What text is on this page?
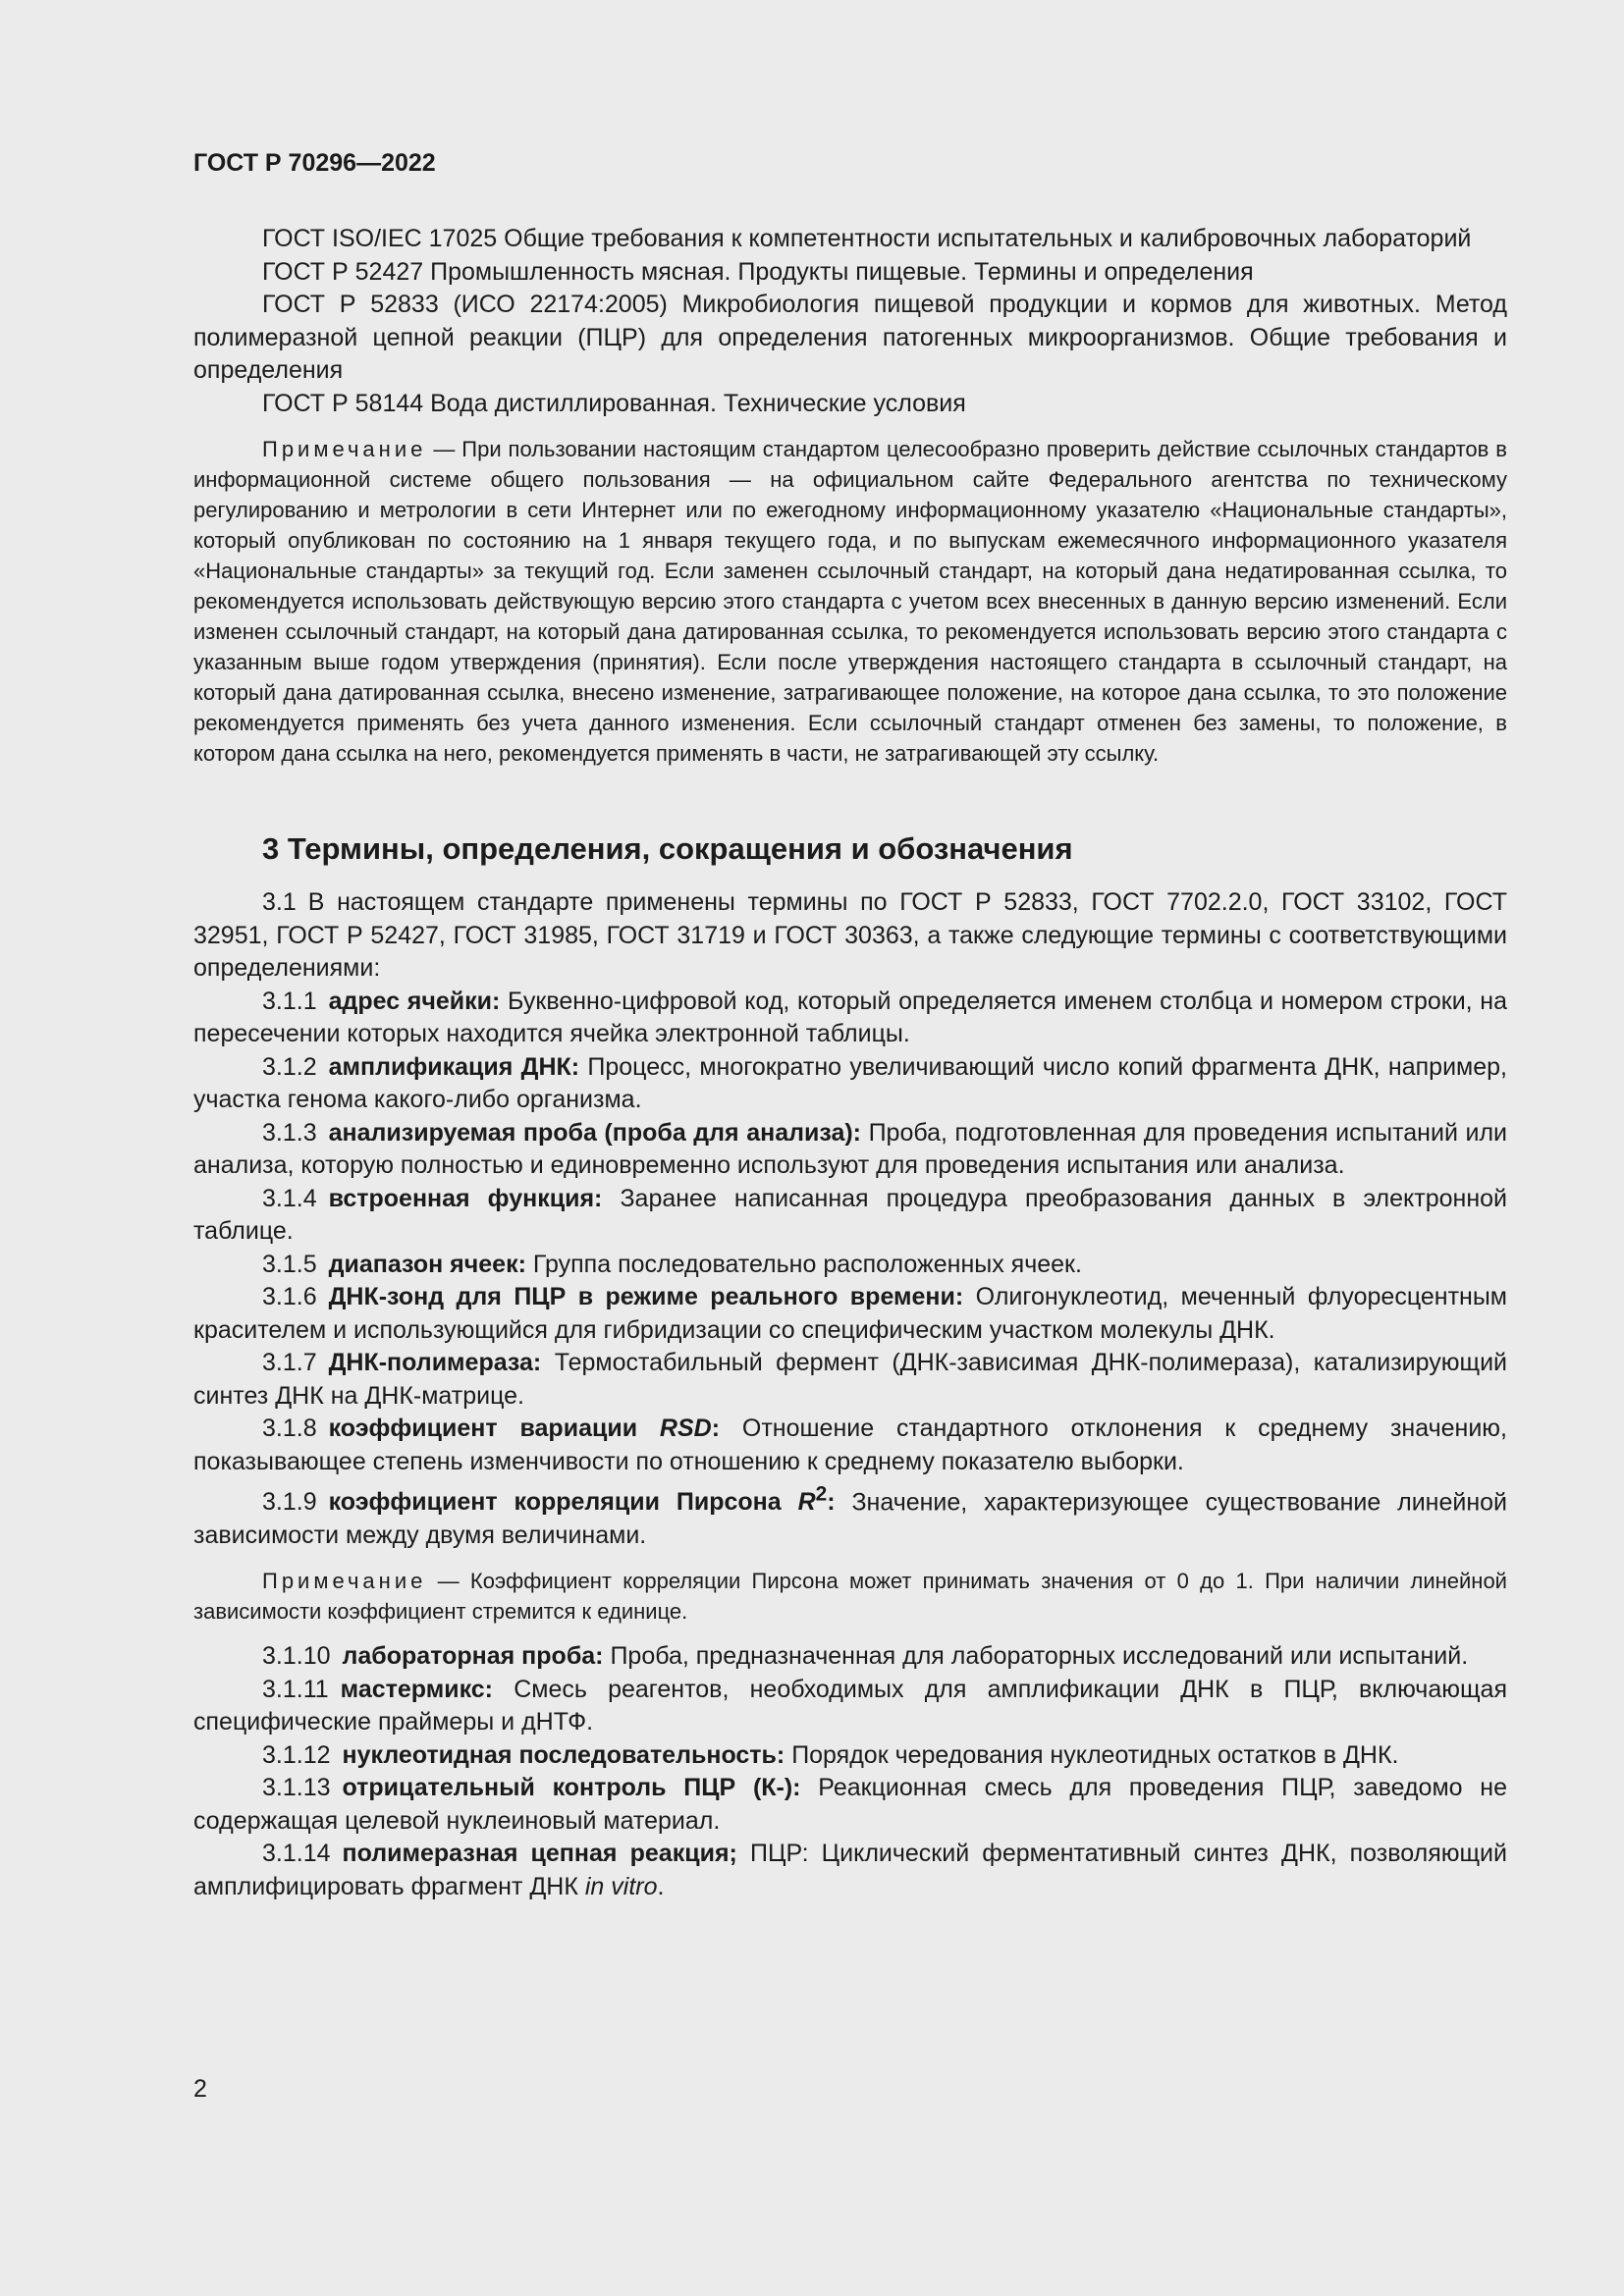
ГОСТ Р 70296—2022

ГОСТ ISO/IEC 17025 Общие требования к компетентности испытательных и калибровочных лабораторий

ГОСТ Р 52427 Промышленность мясная. Продукты пищевые. Термины и определения

ГОСТ Р 52833 (ИСО 22174:2005) Микробиология пищевой продукции и кормов для животных. Метод полимеразной цепной реакции (ПЦР) для определения патогенных микроорганизмов. Общие требования и определения

ГОСТ Р 58144 Вода дистиллированная. Технические условия

Примечание — При пользовании настоящим стандартом целесообразно проверить действие ссылочных стандартов в информационной системе общего пользования — на официальном сайте Федерального агентства по техническому регулированию и метрологии в сети Интернет или по ежегодному информационному указателю «Национальные стандарты», который опубликован по состоянию на 1 января текущего года, и по выпускам ежемесячного информационного указателя «Национальные стандарты» за текущий год. Если заменен ссылочный стандарт, на который дана недатированная ссылка, то рекомендуется использовать действующую версию этого стандарта с учетом всех внесенных в данную версию изменений. Если изменен ссылочный стандарт, на который дана датированная ссылка, то рекомендуется использовать версию этого стандарта с указанным выше годом утверждения (принятия). Если после утверждения настоящего стандарта в ссылочный стандарт, на который дана датированная ссылка, внесено изменение, затрагивающее положение, на которое дана ссылка, то это положение рекомендуется применять без учета данного изменения. Если ссылочный стандарт отменен без замены, то положение, в котором дана ссылка на него, рекомендуется применять в части, не затрагивающей эту ссылку.

3 Термины, определения, сокращения и обозначения

3.1 В настоящем стандарте применены термины по ГОСТ Р 52833, ГОСТ 7702.2.0, ГОСТ 33102, ГОСТ 32951, ГОСТ Р 52427, ГОСТ 31985, ГОСТ 31719 и ГОСТ 30363, а также следующие термины с соответствующими определениями:

3.1.1 адрес ячейки: Буквенно-цифровой код, который определяется именем столбца и номером строки, на пересечении которых находится ячейка электронной таблицы.

3.1.2 амплификация ДНК: Процесс, многократно увеличивающий число копий фрагмента ДНК, например, участка генома какого-либо организма.

3.1.3 анализируемая проба (проба для анализа): Проба, подготовленная для проведения испытаний или анализа, которую полностью и единовременно используют для проведения испытания или анализа.

3.1.4 встроенная функция: Заранее написанная процедура преобразования данных в электронной таблице.

3.1.5 диапазон ячеек: Группа последовательно расположенных ячеек.

3.1.6 ДНК-зонд для ПЦР в режиме реального времени: Олигонуклеотид, меченный флуоресцентным красителем и использующийся для гибридизации со специфическим участком молекулы ДНК.

3.1.7 ДНК-полимераза: Термостабильный фермент (ДНК-зависимая ДНК-полимераза), катализирующий синтез ДНК на ДНК-матрице.

3.1.8 коэффициент вариации RSD: Отношение стандартного отклонения к среднему значению, показывающее степень изменчивости по отношению к среднему показателю выборки.

3.1.9 коэффициент корреляции Пирсона $R^2$: Значение, характеризующее существование линейной зависимости между двумя величинами.

Примечание — Коэффициент корреляции Пирсона может принимать значения от 0 до 1. При наличии линейной зависимости коэффициент стремится к единице.

3.1.10 лабораторная проба: Проба, предназначенная для лабораторных исследований или испытаний.

3.1.11 мастермикс: Смесь реагентов, необходимых для амплификации ДНК в ПЦР, включающая специфические праймеры и дНТФ.

3.1.12 нуклеотидная последовательность: Порядок чередования нуклеотидных остатков в ДНК.

3.1.13 отрицательный контроль ПЦР (К-): Реакционная смесь для проведения ПЦР, заведомо не содержащая целевой нуклеиновый материал.

3.1.14 полимеразная цепная реакция; ПЦР: Циклический ферментативный синтез ДНК, позволяющий амплифицировать фрагмент ДНК in vitro.

2
